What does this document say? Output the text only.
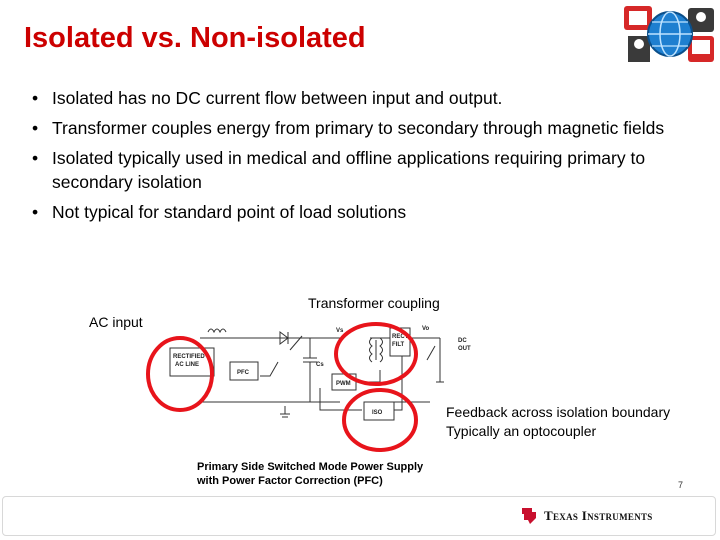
Isolated vs. Non-isolated
• Isolated has no DC current flow between input and output.
• Transformer couples energy from primary to secondary through magnetic fields
• Isolated typically used in medical and offline applications requiring primary to secondary isolation
• Not typical for standard point of load solutions
Transformer coupling
AC input
Feedback across isolation boundary
Typically an optocoupler
RECTIFIED
AC LINE
PFC
PWM
ISO
RECT
FILT
Vs	Vo
Cs
DC
OUT
Primary Side Switched Mode Power Supply
with Power Factor Correction (PFC)	7
Texas Instruments
